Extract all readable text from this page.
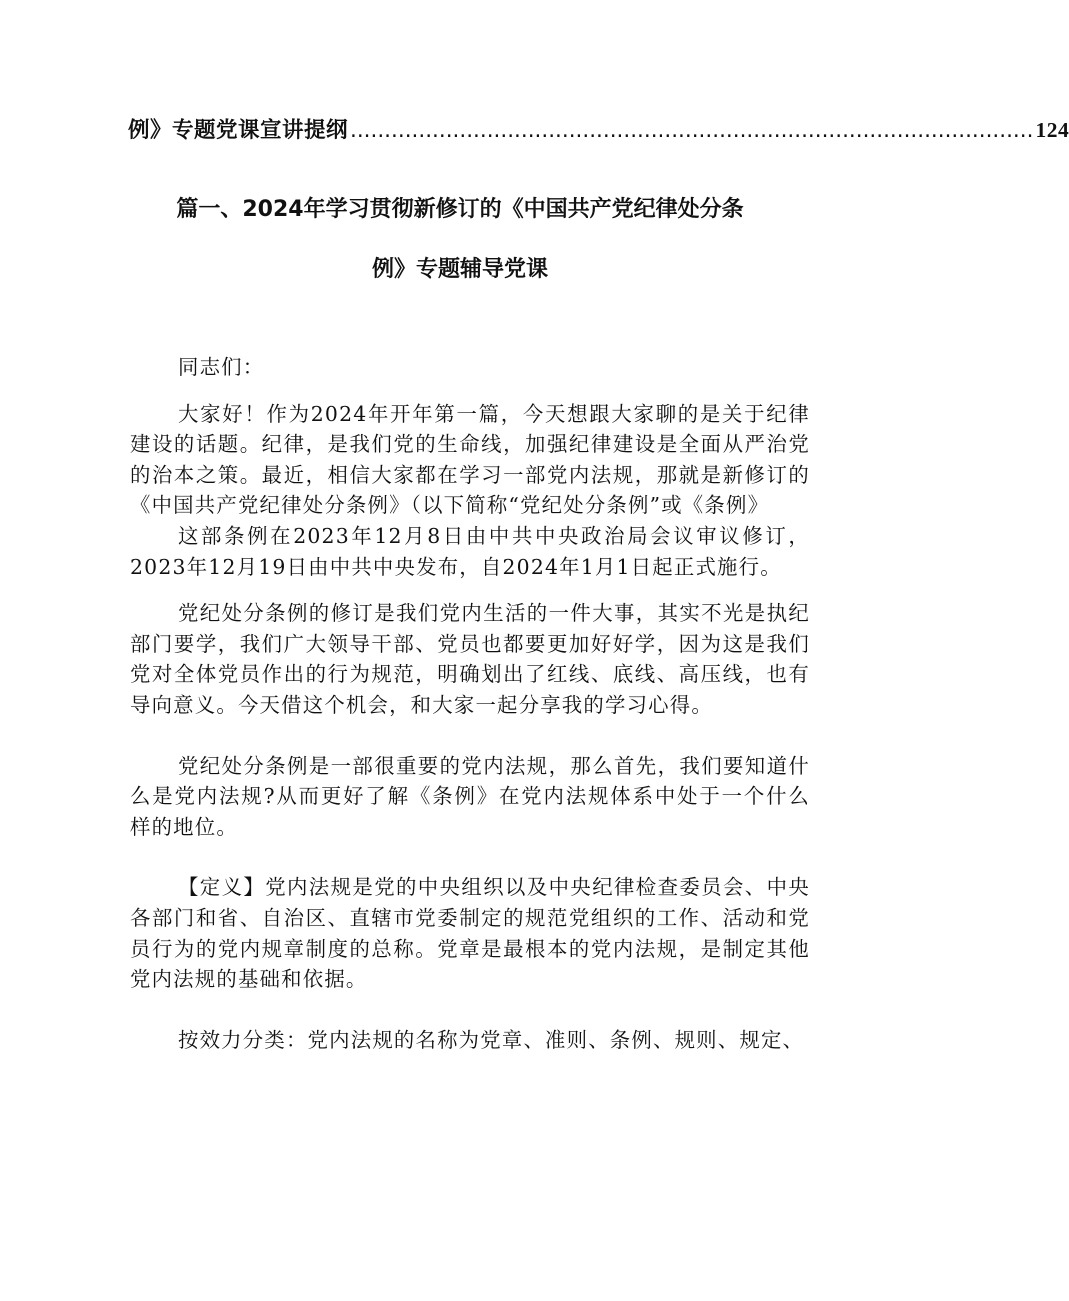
例》专题党课宣讲提纲 .................................................................................................... 124
篇一、2024年学习贯彻新修订的《中国共产党纪律处分条
例》专题辅导党课

同志们：

大家好！作为2024年开年第一篇，今天想跟大家聊的是关于纪律建设的话题。纪律，是我们党的生命线，加强纪律建设是全面从严治党的治本之策。最近，相信大家都在学习一部党内法规，那就是新修订的《中国共产党纪律处分条例》（以下简称“党纪处分条例”或《条例》

这部条例在2023年12月8日由中共中央政治局会议审议修订，2023年12月19日由中共中央发布，自2024年1月1日起正式施行。

党纪处分条例的修订是我们党内生活的一件大事，其实不光是执纪部门要学，我们广大领导干部、党员也都要更加好好学，因为这是我们党对全体党员作出的行为规范，明确划出了红线、底线、高压线，也有导向意义。今天借这个机会，和大家一起分享我的学习心得。

党纪处分条例是一部很重要的党内法规，那么首先，我们要知道什么是党内法规?从而更好了解《条例》在党内法规体系中处于一个什么样的地位。

【定义】党内法规是党的中央组织以及中央纪律检查委员会、中央各部门和省、自治区、直辖市党委制定的规范党组织的工作、活动和党员行为的党内规章制度的总称。党章是最根本的党内法规，是制定其他党内法规的基础和依据。

按效力分类：党内法规的名称为党章、准则、条例、规则、规定、
